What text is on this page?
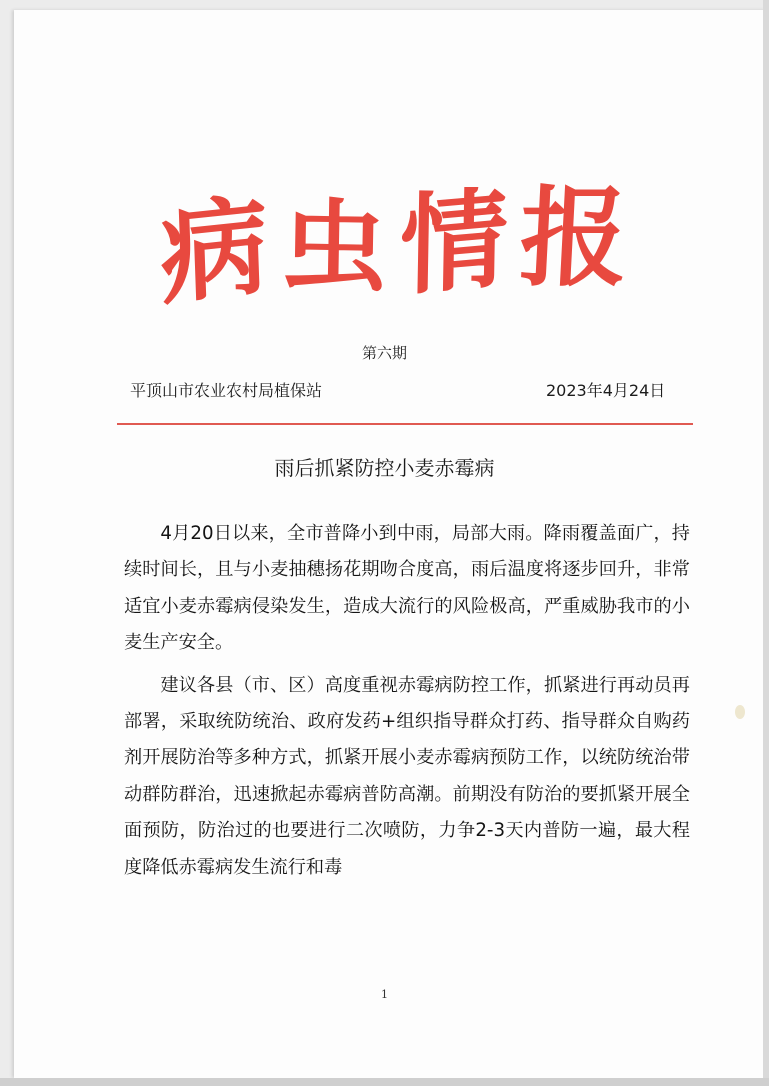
病 虫 情 报
第六期
平顶山市农业农村局植保站	2023年4月24日
雨后抓紧防控小麦赤霉病

4月20日以来，全市普降小到中雨，局部大雨。降雨覆盖面广，持续时间长，且与小麦抽穗扬花期吻合度高，雨后温度将逐步回升，非常适宜小麦赤霉病侵染发生，造成大流行的风险极高，严重威胁我市的小麦生产安全。

建议各县（市、区）高度重视赤霉病防控工作，抓紧进行再动员再部署，采取统防统治、政府发药+组织指导群众打药、指导群众自购药剂开展防治等多种方式，抓紧开展小麦赤霉病预防工作，以统防统治带动群防群治，迅速掀起赤霉病普防高潮。前期没有防治的要抓紧开展全面预防，防治过的也要进行二次喷防，力争2-3天内普防一遍，最大程度降低赤霉病发生流行和毒

1
